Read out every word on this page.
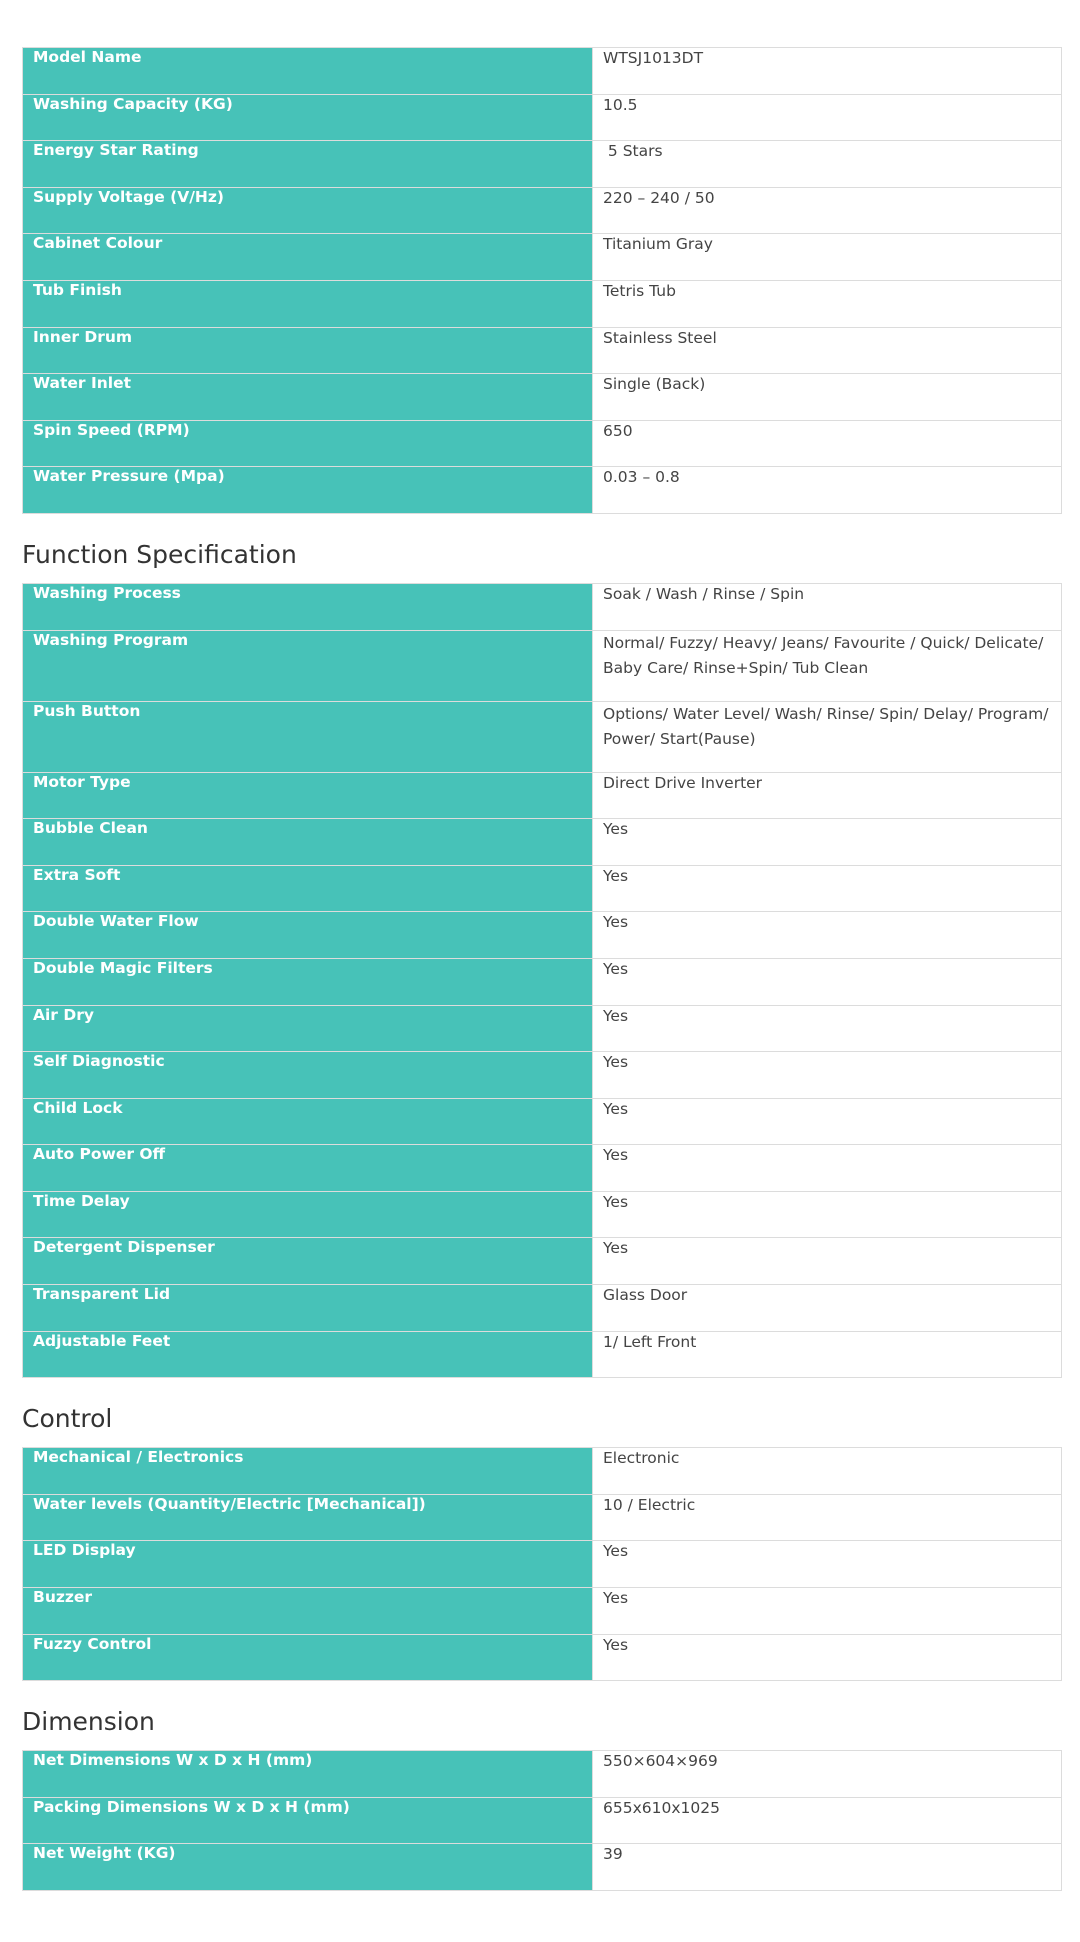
Model Name	WTSJ1013DT
Washing Capacity (KG)	10.5
Energy Star Rating	5 Stars
Supply Voltage (V/Hz)	220 – 240 / 50
Cabinet Colour	Titanium Gray
Tub Finish	Tetris Tub
Inner Drum	Stainless Steel
Water Inlet	Single (Back)
Spin Speed (RPM)	650
Water Pressure (Mpa)	0.03 – 0.8
Function Specification
Washing Process	Soak / Wash / Rinse / Spin
Washing Program	Normal/ Fuzzy/ Heavy/ Jeans/ Favourite / Quick/ Delicate/ Baby Care/ Rinse+Spin/ Tub Clean
Push Button	Options/ Water Level/ Wash/ Rinse/ Spin/ Delay/ Program/ Power/ Start(Pause)
Motor Type	Direct Drive Inverter
Bubble Clean	Yes
Extra Soft	Yes
Double Water Flow	Yes
Double Magic Filters	Yes
Air Dry	Yes
Self Diagnostic	Yes
Child Lock	Yes
Auto Power Off	Yes
Time Delay	Yes
Detergent Dispenser	Yes
Transparent Lid	Glass Door
Adjustable Feet	1/ Left Front
Control
Mechanical / Electronics	Electronic
Water levels (Quantity/Electric [Mechanical])	10 / Electric
LED Display	Yes
Buzzer	Yes
Fuzzy Control	Yes
Dimension
Net Dimensions W x D x H (mm)	550×604×969
Packing Dimensions W x D x H (mm)	655x610x1025
Net Weight (KG)	39
